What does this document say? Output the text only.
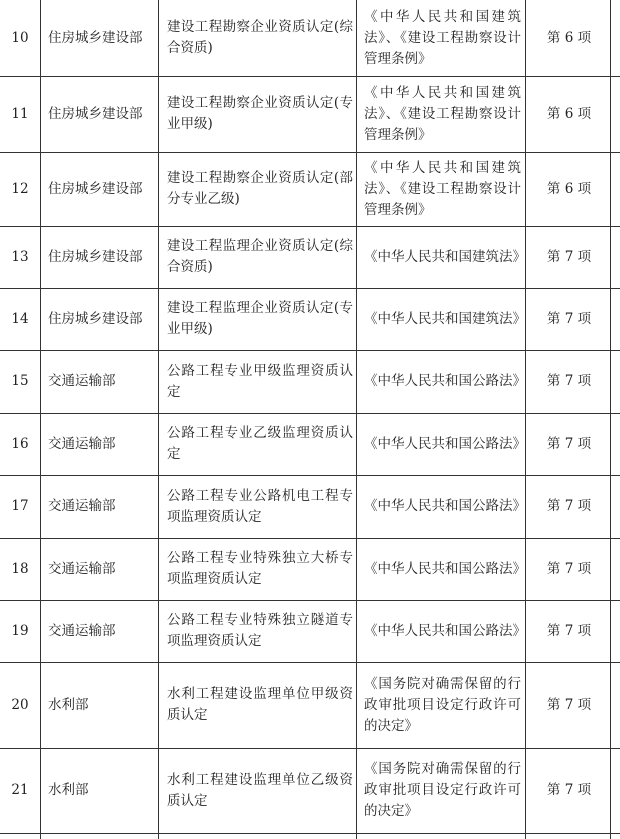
10	住房城乡建设部
建设工程勘察企业资质认定(综合资质)
《中华人民共和国建筑法》、《建设工程勘察设计管理条例》
第 6 项
11	住房城乡建设部
建设工程勘察企业资质认定(专业甲级)
《中华人民共和国建筑法》、《建设工程勘察设计管理条例》
第 6 项
12	住房城乡建设部
建设工程勘察企业资质认定(部分专业乙级)
《中华人民共和国建筑法》、《建设工程勘察设计管理条例》
第 6 项
13	住房城乡建设部
建设工程监理企业资质认定(综合资质)
《中华人民共和国建筑法》	第 7 项
14	住房城乡建设部
建设工程监理企业资质认定(专业甲级)
《中华人民共和国建筑法》	第 7 项
15	交通运输部
公路工程专业甲级监理资质认定
《中华人民共和国公路法》	第 7 项
16	交通运输部
公路工程专业乙级监理资质认定
《中华人民共和国公路法》	第 7 项
17	交通运输部
公路工程专业公路机电工程专项监理资质认定
《中华人民共和国公路法》	第 7 项
18	交通运输部
公路工程专业特殊独立大桥专项监理资质认定
《中华人民共和国公路法》	第 7 项
19	交通运输部
公路工程专业特殊独立隧道专项监理资质认定
《中华人民共和国公路法》	第 7 项
20	水利部
水利工程建设监理单位甲级资质认定
《国务院对确需保留的行政审批项目设定行政许可的决定》
第 7 项
21	水利部
水利工程建设监理单位乙级资质认定
《国务院对确需保留的行政审批项目设定行政许可的决定》
第 7 项
